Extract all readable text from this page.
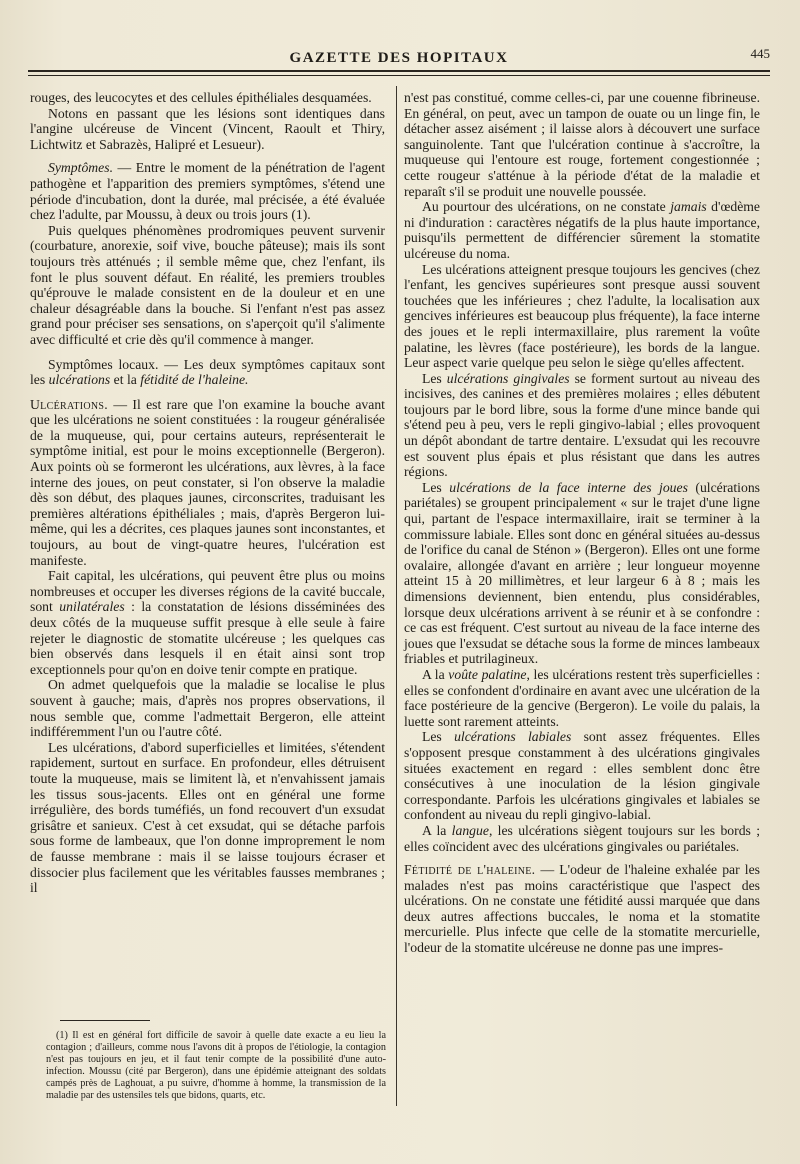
GAZETTE DES HOPITAUX	445

rouges, des leucocytes et des cellules épithéliales desquamées.

Notons en passant que les lésions sont identiques dans l'angine ulcéreuse de Vincent (Vincent, Raoult et Thiry, Lichtwitz et Sabrazès, Halipré et Lesueur).

Symptômes. — Entre le moment de la pénétration de l'agent pathogène et l'apparition des premiers symptômes, s'étend une période d'incubation, dont la durée, mal précisée, a été évaluée chez l'adulte, par Moussu, à deux ou trois jours (1).

Puis quelques phénomènes prodromiques peuvent survenir (courbature, anorexie, soif vive, bouche pâteuse); mais ils sont toujours très atténués ; il semble même que, chez l'enfant, ils font le plus souvent défaut. En réalité, les premiers troubles qu'éprouve le malade consistent en de la douleur et en une chaleur désagréable dans la bouche. Si l'enfant n'est pas assez grand pour préciser ses sensations, on s'aperçoit qu'il s'alimente avec difficulté et crie dès qu'il commence à manger.

Symptômes locaux. — Les deux symptômes capitaux sont les ulcérations et la fétidité de l'haleine.

Ulcérations. — Il est rare que l'on examine la bouche avant que les ulcérations ne soient constituées : la rougeur généralisée de la muqueuse, qui, pour certains auteurs, représenterait le symptôme initial, est pour le moins exceptionnelle (Bergeron). Aux points où se formeront les ulcérations, aux lèvres, à la face interne des joues, on peut constater, si l'on observe la maladie dès son début, des plaques jaunes, circonscrites, traduisant les premières altérations épithéliales ; mais, d'après Bergeron lui-même, qui les a décrites, ces plaques jaunes sont inconstantes, et toujours, au bout de vingt-quatre heures, l'ulcération est manifeste.

Fait capital, les ulcérations, qui peuvent être plus ou moins nombreuses et occuper les diverses régions de la cavité buccale, sont unilatérales : la constatation de lésions disséminées des deux côtés de la muqueuse suffit presque à elle seule à faire rejeter le diagnostic de stomatite ulcéreuse ; les quelques cas bien observés dans lesquels il en était ainsi sont trop exceptionnels pour qu'on en doive tenir compte en pratique.

On admet quelquefois que la maladie se localise le plus souvent à gauche; mais, d'après nos propres observations, il nous semble que, comme l'admettait Bergeron, elle atteint indifféremment l'un ou l'autre côté.

Les ulcérations, d'abord superficielles et limitées, s'étendent rapidement, surtout en surface. En profondeur, elles détruisent toute la muqueuse, mais se limitent là, et n'envahissent jamais les tissus sous-jacents. Elles ont en général une forme irrégulière, des bords tuméfiés, un fond recouvert d'un exsudat grisâtre et sanieux. C'est à cet exsudat, qui se détache parfois sous forme de lambeaux, que l'on donne improprement le nom de fausse membrane : mais il se laisse toujours écraser et dissocier plus facilement que les véritables fausses membranes ; il

(1) Il est en général fort difficile de savoir à quelle date exacte a eu lieu la contagion ; d'ailleurs, comme nous l'avons dit à propos de l'étiologie, la contagion n'est pas toujours en jeu, et il faut tenir compte de la possibilité d'une auto-infection. Moussu (cité par Bergeron), dans une épidémie atteignant des soldats campés près de Laghouat, a pu suivre, d'homme à homme, la transmission de la maladie par des ustensiles tels que bidons, quarts, etc.

n'est pas constitué, comme celles-ci, par une couenne fibrineuse. En général, on peut, avec un tampon de ouate ou un linge fin, le détacher assez aisément ; il laisse alors à découvert une surface sanguinolente. Tant que l'ulcération continue à s'accroître, la muqueuse qui l'entoure est rouge, fortement congestionnée ; cette rougeur s'atténue à la période d'état de la maladie et reparaît s'il se produit une nouvelle poussée.

Au pourtour des ulcérations, on ne constate jamais d'œdème ni d'induration : caractères négatifs de la plus haute importance, puisqu'ils permettent de différencier sûrement la stomatite ulcéreuse du noma.

Les ulcérations atteignent presque toujours les gencives (chez l'enfant, les gencives supérieures sont presque aussi souvent touchées que les inférieures ; chez l'adulte, la localisation aux gencives inférieures est beaucoup plus fréquente), la face interne des joues et le repli intermaxillaire, plus rarement la voûte palatine, les lèvres (face postérieure), les bords de la langue. Leur aspect varie quelque peu selon le siège qu'elles affectent.

Les ulcérations gingivales se forment surtout au niveau des incisives, des canines et des premières molaires ; elles débutent toujours par le bord libre, sous la forme d'une mince bande qui s'étend peu à peu, vers le repli gingivo-labial ; elles provoquent un dépôt abondant de tartre dentaire. L'exsudat qui les recouvre est souvent plus épais et plus résistant que dans les autres régions.

Les ulcérations de la face interne des joues (ulcérations pariétales) se groupent principalement « sur le trajet d'une ligne qui, partant de l'espace intermaxillaire, irait se terminer à la commissure labiale. Elles sont donc en général situées au-dessus de l'orifice du canal de Sténon » (Bergeron). Elles ont une forme ovalaire, allongée d'avant en arrière ; leur longueur moyenne atteint 15 à 20 millimètres, et leur largeur 6 à 8 ; mais les dimensions deviennent, bien entendu, plus considérables, lorsque deux ulcérations arrivent à se réunir et à se confondre : ce cas est fréquent. C'est surtout au niveau de la face interne des joues que l'exsudat se détache sous la forme de minces lambeaux friables et putrilagineux.

A la voûte palatine, les ulcérations restent très superficielles : elles se confondent d'ordinaire en avant avec une ulcération de la face postérieure de la gencive (Bergeron). Le voile du palais, la luette sont rarement atteints.

Les ulcérations labiales sont assez fréquentes. Elles s'opposent presque constamment à des ulcérations gingivales situées exactement en regard : elles semblent donc être consécutives à une inoculation de la lésion gingivale correspondante. Parfois les ulcérations gingivales et labiales se confondent au niveau du repli gingivo-labial.

A la langue, les ulcérations siègent toujours sur les bords ; elles coïncident avec des ulcérations gingivales ou pariétales.

Fétidité de l'haleine. — L'odeur de l'haleine exhalée par les malades n'est pas moins caractéristique que l'aspect des ulcérations. On ne constate une fétidité aussi marquée que dans deux autres affections buccales, le noma et la stomatite mercurielle. Plus infecte que celle de la stomatite mercurielle, l'odeur de la stomatite ulcéreuse ne donne pas une impres-
